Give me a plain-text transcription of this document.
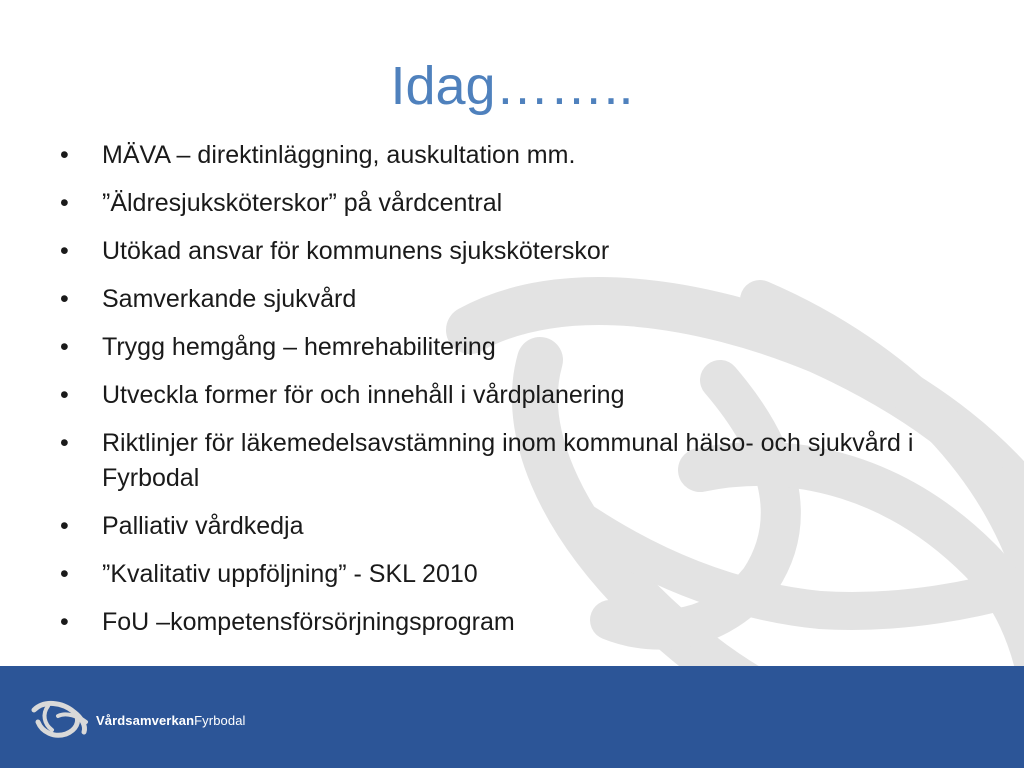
Idag……..
•	MÄVA – direktinläggning, auskultation mm.
•	”Äldresjuksköterskor” på vårdcentral
•	Utökad ansvar för kommunens sjuksköterskor
•	Samverkande sjukvård
•	Trygg hemgång – hemrehabilitering
•	Utveckla former för och innehåll i vårdplanering
•	Riktlinjer för läkemedelsavstämning inom kommunal hälso- och sjukvård i Fyrbodal
•	Palliativ vårdkedja
•	”Kvalitativ uppföljning” - SKL 2010
•	FoU –kompetensförsörjningsprogram
VårdsamverkanFyrbodal
